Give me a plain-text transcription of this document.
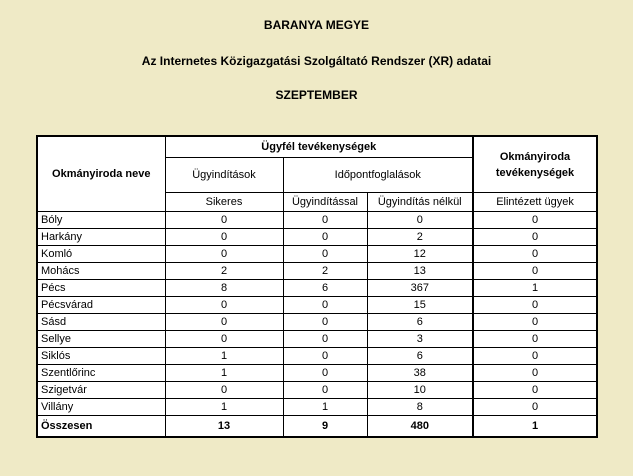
BARANYA MEGYE
Az Internetes Közigazgatási Szolgáltató Rendszer (XR) adatai
SZEPTEMBER
Okmányiroda neve	Ügyfél tevékenységek			Okmányiroda tevékenységek
	Ügyindítások	Időpontfoglalások		
	Sikeres	Ügyindítással	Ügyindítás nélkül	Elintézett ügyek
Bóly	0	0	0	0
Harkány	0	0	2	0
Komló	0	0	12	0
Mohács	2	2	13	0
Pécs	8	6	367	1
Pécsvárad	0	0	15	0
Sásd	0	0	6	0
Sellye	0	0	3	0
Siklós	1	0	6	0
Szentlőrinc	1	0	38	0
Szigetvár	0	0	10	0
Villány	1	1	8	0
Összesen	13	9	480	1
